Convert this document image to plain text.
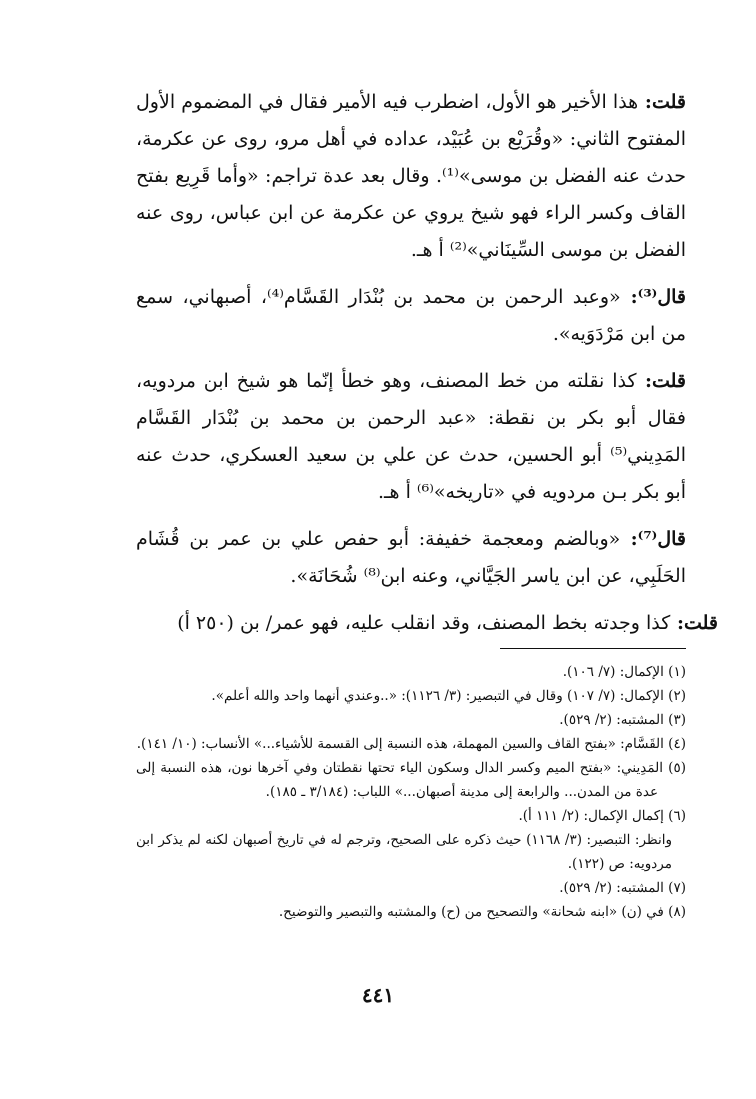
قلت: هذا الأخير هو الأول، اضطرب فيه الأمير فقال في المضموم الأول المفتوح الثاني: «وقُرَيْع بن عُبَيْد، عداده في أهل مرو، روى عن عكرمة، حدث عنه الفضل بن موسى»⁽¹⁾. وقال بعد عدة تراجم: «وأما قَرِيع بفتح القاف وكسر الراء فهو شيخ يروي عن عكرمة عن ابن عباس، روى عنه الفضل بن موسى السِّينَاني»⁽²⁾ أ هـ.

قال⁽³⁾: «وعبد الرحمن بن محمد بن بُنْدَار القَسَّام⁽⁴⁾، أصبهاني، سمع من ابن مَرْدَوَيه».

قلت: كذا نقلته من خط المصنف، وهو خطأ إنّما هو شيخ ابن مردويه، فقال أبو بكر بن نقطة: «عبد الرحمن بن محمد بن بُنْدَار القَسَّام المَدِيني⁽⁵⁾ أبو الحسين، حدث عن علي بن سعيد العسكري، حدث عنه أبو بكر بـن مردويه في «تاريخه»⁽⁶⁾ أ هـ.

قال⁽⁷⁾: «وبالضم ومعجمة خفيفة: أبو حفص علي بن عمر بن قُشَام الحَلَبِي، عن ابن ياسر الجَيَّاني، وعنه ابن⁽⁸⁾ شُحَانَة».

قلت: كذا وجدته بخط المصنف، وقد انقلب عليه، فهو عمر/ بن (٢٥٠ أ)

(١) الإكمال: (٧/ ١٠٦).

(٢) الإكمال: (٧/ ١٠٧) وقال في التبصير: (٣/ ١١٢٦): «..وعندي أنهما واحد والله أعلم».

(٣) المشتبه: (٢/ ٥٢٩).

(٤) القَسَّام: «بفتح القاف والسين المهملة، هذه النسبة إلى القسمة للأشياء...» الأنساب: (١٠/ ١٤١).

(٥) المَدِيني: «بفتح الميم وكسر الدال وسكون الياء تحتها نقطتان وفي آخرها نون، هذه النسبة إلى عدة من المدن... والرابعة إلى مدينة أصبهان...» اللباب: (٣/١٨٤ ـ ١٨٥).

(٦) إكمال الإكمال: (٢/ ١١١ أ).

وانظر: التبصير: (٣/ ١١٦٨) حيث ذكره على الصحيح، وترجم له في تاريخ أصبهان لكنه لم يذكر ابن مردويه: ص (١٢٢).

(٧) المشتبه: (٢/ ٥٢٩).

(٨) في (ن) «ابنه شحانة» والتصحيح من (ح) والمشتبه والتبصير والتوضيح.

٤٤١
